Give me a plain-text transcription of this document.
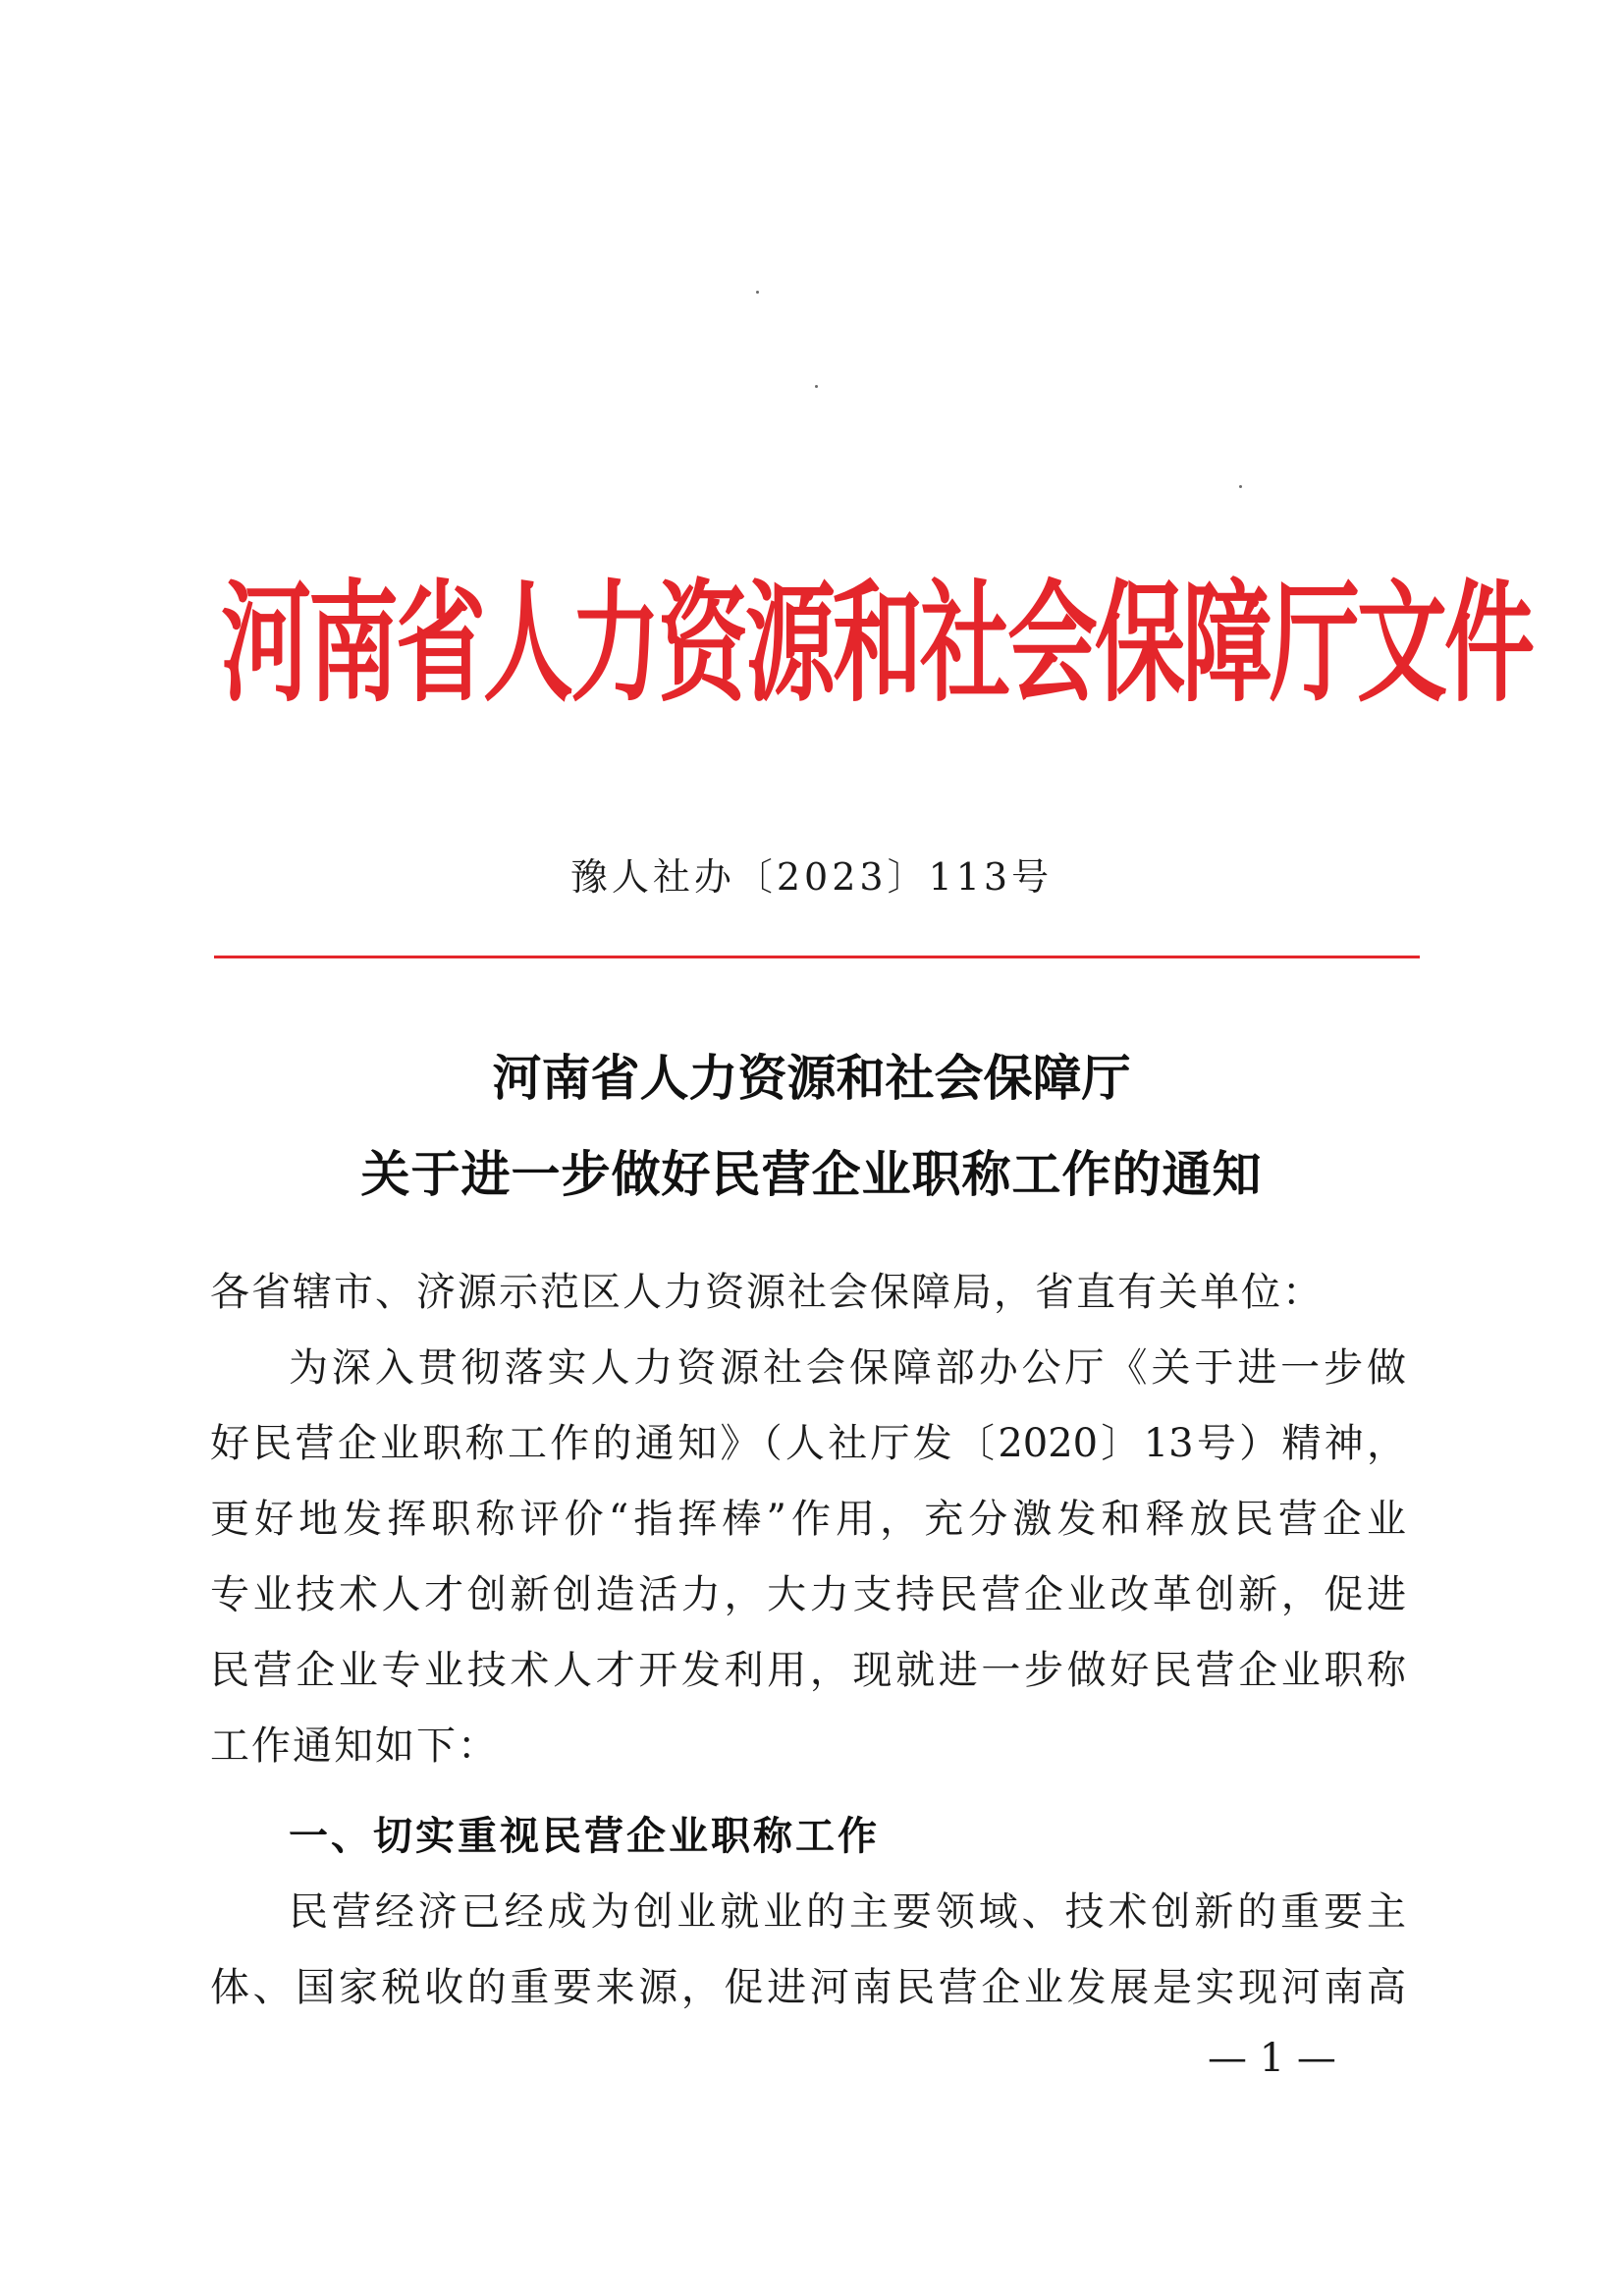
河南省人力资源和社会保障厅文件
豫人社办〔2023〕113号
河南省人力资源和社会保障厅
关于进一步做好民营企业职称工作的通知
各省辖市、济源示范区人力资源社会保障局，省直有关单位：
为深入贯彻落实人力资源社会保障部办公厅《关于进一步做
好民营企业职称工作的通知》（人社厅发〔2020〕13号）精神，
更好地发挥职称评价“指挥棒”作用，充分激发和释放民营企业
专业技术人才创新创造活力，大力支持民营企业改革创新，促进
民营企业专业技术人才开发利用，现就进一步做好民营企业职称
工作通知如下：
一、切实重视民营企业职称工作
民营经济已经成为创业就业的主要领域、技术创新的重要主
体、国家税收的重要来源，促进河南民营企业发展是实现河南高
— 1 —
